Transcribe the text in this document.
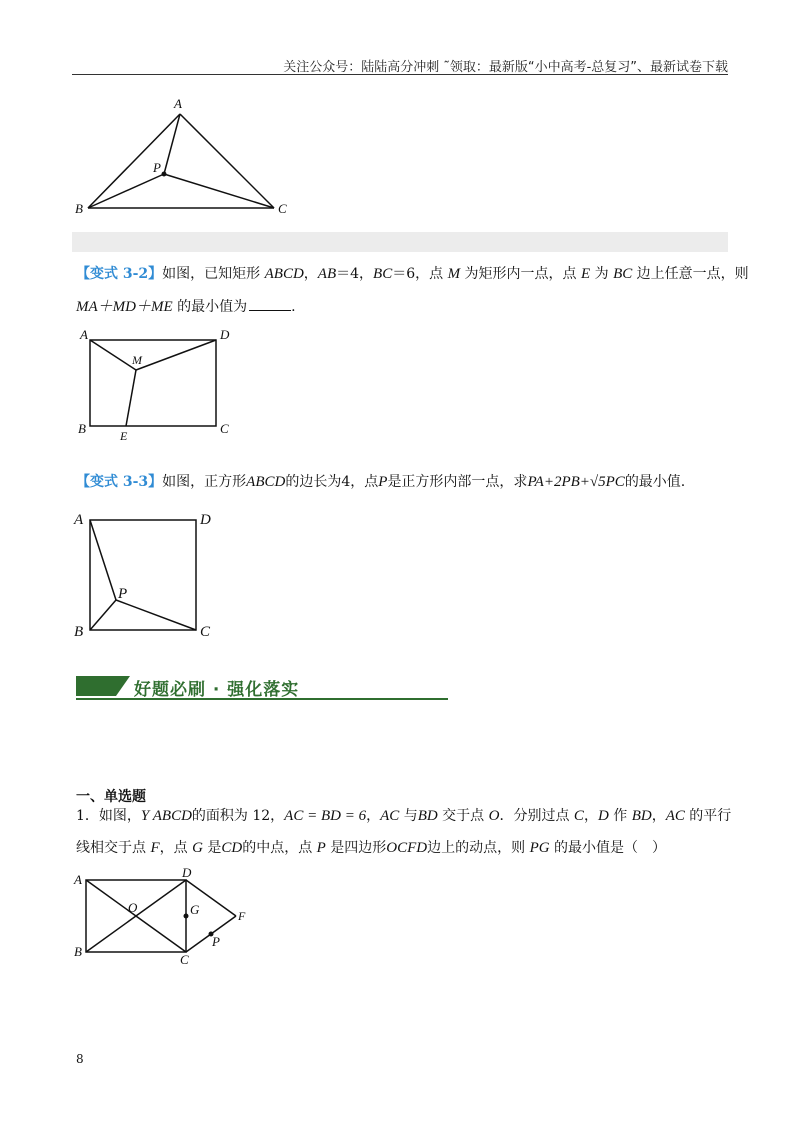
关注公众号：陆陆高分冲刺 ˜领取：最新版“小中高考-总复习”、最新试卷下载
A
P
B	C
【变式 3-2】如图，已知矩形 ABCD，AB＝4，BC＝6，点 M 为矩形内一点，点 E 为 BC 边上任意一点，则
MA＋MD＋ME 的最小值为	.
A	D
M
B	E	C
【变式 3-3】如图，正方形ABCD的边长为4，点P是正方形内部一点，求PA+2PB+√5PC的最小值.
A	D
P
B	C
好题必刷 · 强化落实
一、单选题
1．如图，Y ABCD的面积为 12，AC = BD = 6，AC 与BD 交于点 O．分别过点 C，D 作 BD，AC 的平行
线相交于点 F，点 G 是CD的中点，点 P 是四边形OCFD边上的动点，则 PG 的最小值是（　）
A	D
O	G	F
P
B
C
8
